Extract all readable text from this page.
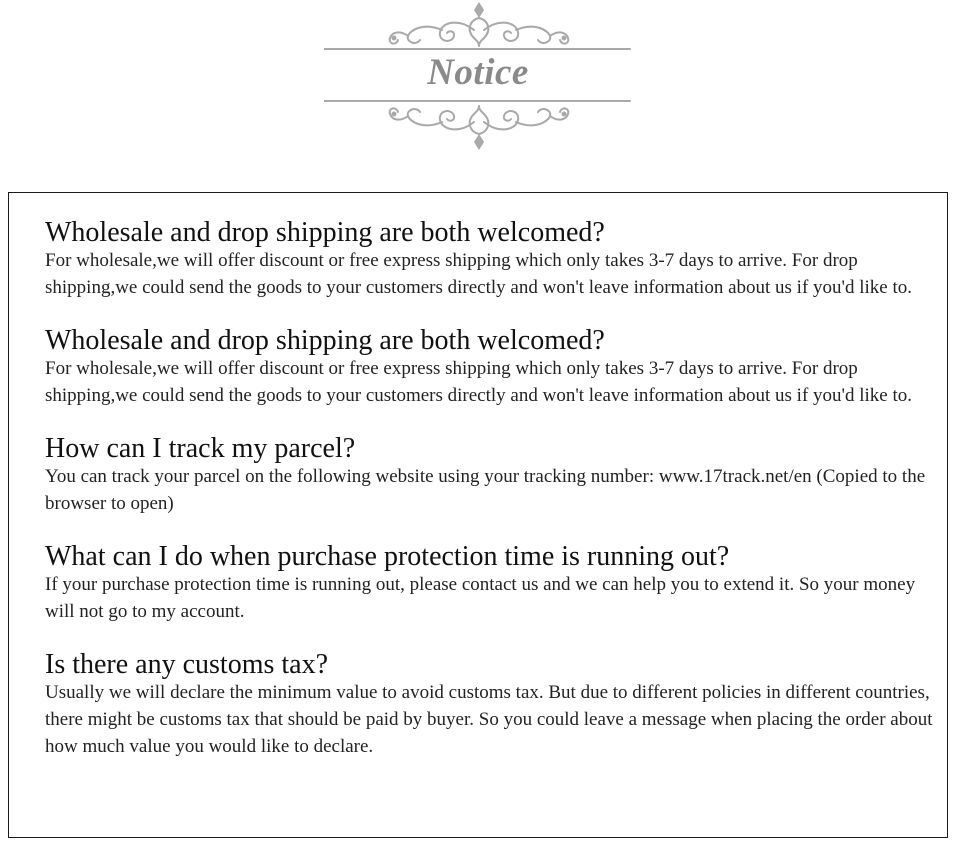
Notice
Wholesale and drop shipping are both welcomed?

For wholesale,we will offer discount or free express shipping which only takes 3-7 days to arrive. For drop shipping,we could send the goods to your customers directly and won't leave information about us if you'd like to.

Wholesale and drop shipping are both welcomed?

For wholesale,we will offer discount or free express shipping which only takes 3-7 days to arrive. For drop shipping,we could send the goods to your customers directly and won't leave information about us if you'd like to.

How can I track my parcel?

You can track your parcel on the following website using your tracking number: www.17track.net/en (Copied to the browser to open)

What can I do when purchase protection time is running out?

If your purchase protection time is running out, please contact us and we can help you to extend it. So your money will not go to my account.

Is there any customs tax?

Usually we will declare the minimum value to avoid customs tax. But due to different policies in different countries, there might be customs tax that should be paid by buyer. So you could leave a message when placing the order about how much value you would like to declare.
